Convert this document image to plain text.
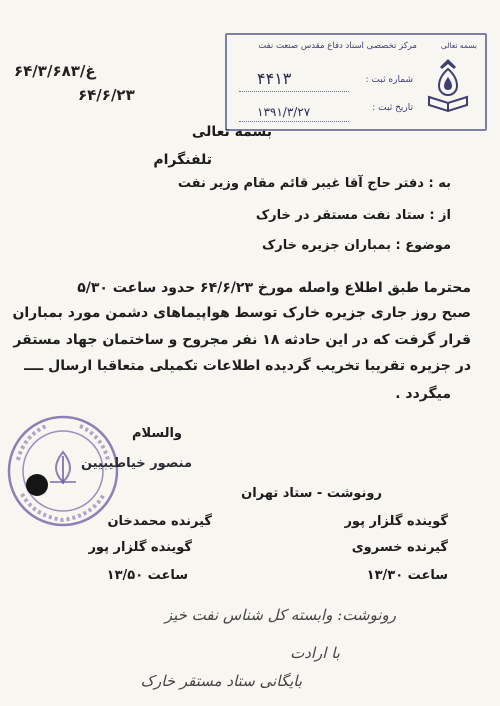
۶۴/۳/غ/۶۸۳
۶۴/۶/۲۳
بسمه تعالی
مرکز تخصصی اسناد دفاع مقدس صنعت نفت
شماره ثبت :
۴۴۱۳
تاریخ ثبت :
۱۳۹۱/۳/۲۷
بسمه تعالی
تلفنگرام
به : دفتر حاج آقا غیبر قائم مقام وزیر نفت
از : ستاد نفت مستقر در خارک
موضوع : بمباران جزیره خارک
محترما طبق اطلاع واصله مورخ ۶۴/۶/۲۳ حدود ساعت ۵/۳۰
صبح روز جاری جزیره خارک توسط هواپیماهای دشمن مورد بمباران
قرار گرفت که در این حادثه ۱۸ نفر مجروح و ساختمان جهاد مستقر
در جزیره تقریبا تخریب گردیده اطلاعات تکمیلی متعاقبا ارسال ــــ
میگردد .
والسلام
منصور خیاطیبیین
رونوشت - ستاد تهران
گوینده گلزار پور
گیرنده خسروی
ساعت ۱۳/۳۰
گیرنده محمدخان
گوینده گلزار پور
ساعت ۱۳/۵۰
رونوشت: وابسته کل شناس نفت خیز
با ارادت
بایگانی ستاد مستقر خارک
